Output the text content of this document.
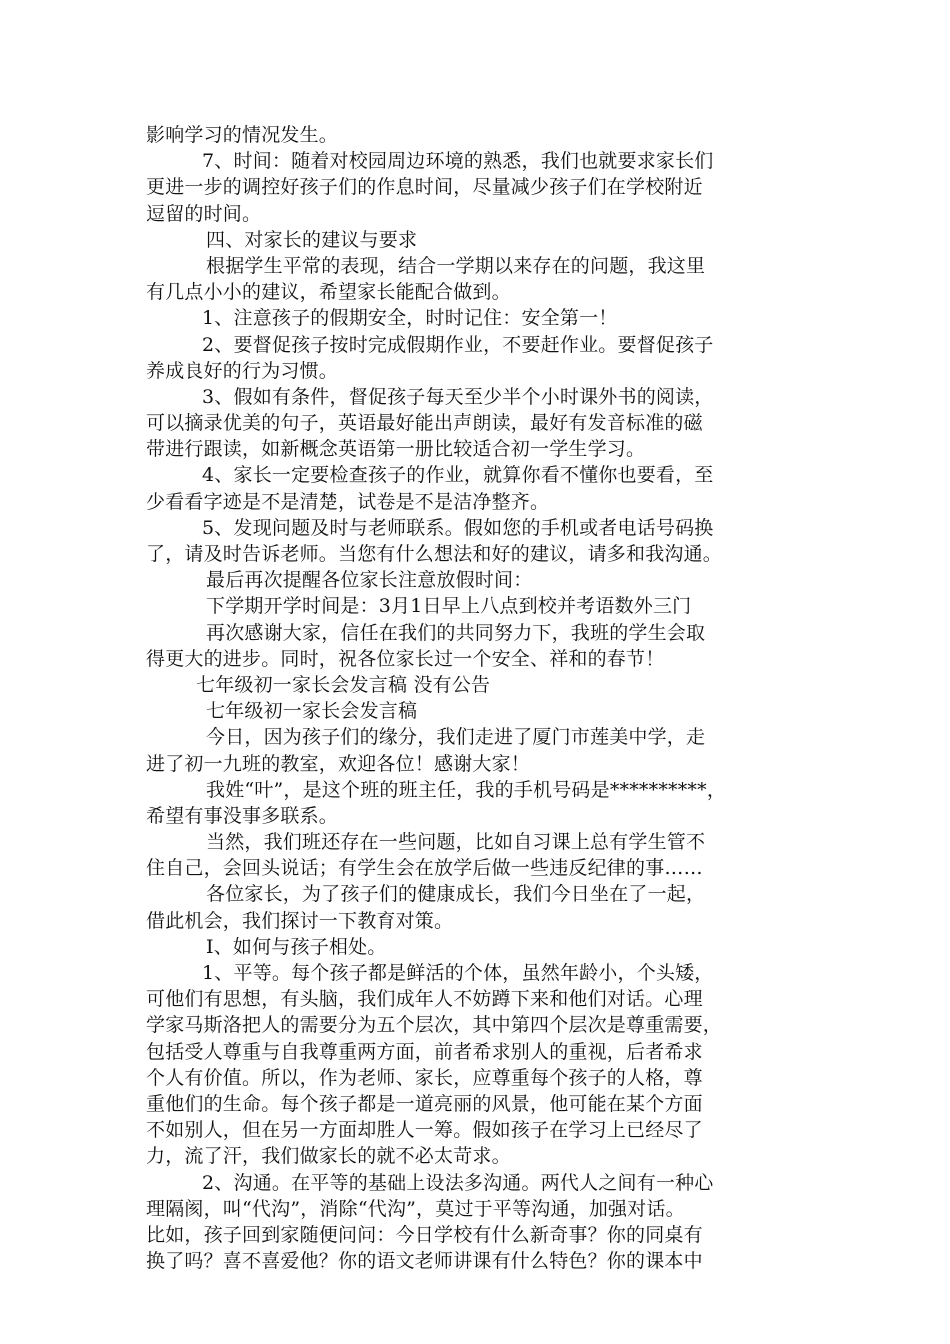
影响学习的情况发生。
7、时间：随着对校园周边环境的熟悉，我们也就要求家长们
更进一步的调控好孩子们的作息时间，尽量减少孩子们在学校附近
逗留的时间。
四、对家长的建议与要求
根据学生平常的表现，结合一学期以来存在的问题，我这里
有几点小小的建议，希望家长能配合做到。
1、注意孩子的假期安全，时时记住：安全第一！
2、要督促孩子按时完成假期作业，不要赶作业。要督促孩子
养成良好的行为习惯。
3、假如有条件，督促孩子每天至少半个小时课外书的阅读，
可以摘录优美的句子，英语最好能出声朗读，最好有发音标准的磁
带进行跟读，如新概念英语第一册比较适合初一学生学习。
4、家长一定要检查孩子的作业，就算你看不懂你也要看，至
少看看字迹是不是清楚，试卷是不是洁净整齐。
5、发现问题及时与老师联系。假如您的手机或者电话号码换
了，请及时告诉老师。当您有什么想法和好的建议，请多和我沟通。
最后再次提醒各位家长注意放假时间：
下学期开学时间是：3月1日早上八点到校并考语数外三门
再次感谢大家，信任在我们的共同努力下，我班的学生会取
得更大的进步。同时，祝各位家长过一个安全、祥和的春节！
七年级初一家长会发言稿 没有公告
七年级初一家长会发言稿
今日，因为孩子们的缘分，我们走进了厦门市莲美中学，走
进了初一九班的教室，欢迎各位！感谢大家！
我姓“叶”，是这个班的班主任，我的手机号码是**********，
希望有事没事多联系。
当然，我们班还存在一些问题，比如自习课上总有学生管不
住自己，会回头说话；有学生会在放学后做一些违反纪律的事……
各位家长，为了孩子们的健康成长，我们今日坐在了一起，
借此机会，我们探讨一下教育对策。
Ⅰ、如何与孩子相处。
1、平等。每个孩子都是鲜活的个体，虽然年龄小，个头矮，
可他们有思想，有头脑，我们成年人不妨蹲下来和他们对话。心理
学家马斯洛把人的需要分为五个层次，其中第四个层次是尊重需要，
包括受人尊重与自我尊重两方面，前者希求别人的重视，后者希求
个人有价值。所以，作为老师、家长，应尊重每个孩子的人格，尊
重他们的生命。每个孩子都是一道亮丽的风景，他可能在某个方面
不如别人，但在另一方面却胜人一筹。假如孩子在学习上已经尽了
力，流了汗，我们做家长的就不必太苛求。
2、沟通。在平等的基础上设法多沟通。两代人之间有一种心
理隔阂，叫“代沟”，消除“代沟”，莫过于平等沟通，加强对话。
比如，孩子回到家随便问问：今日学校有什么新奇事？你的同桌有
换了吗？喜不喜爱他？你的语文老师讲课有什么特色？你的课本中
